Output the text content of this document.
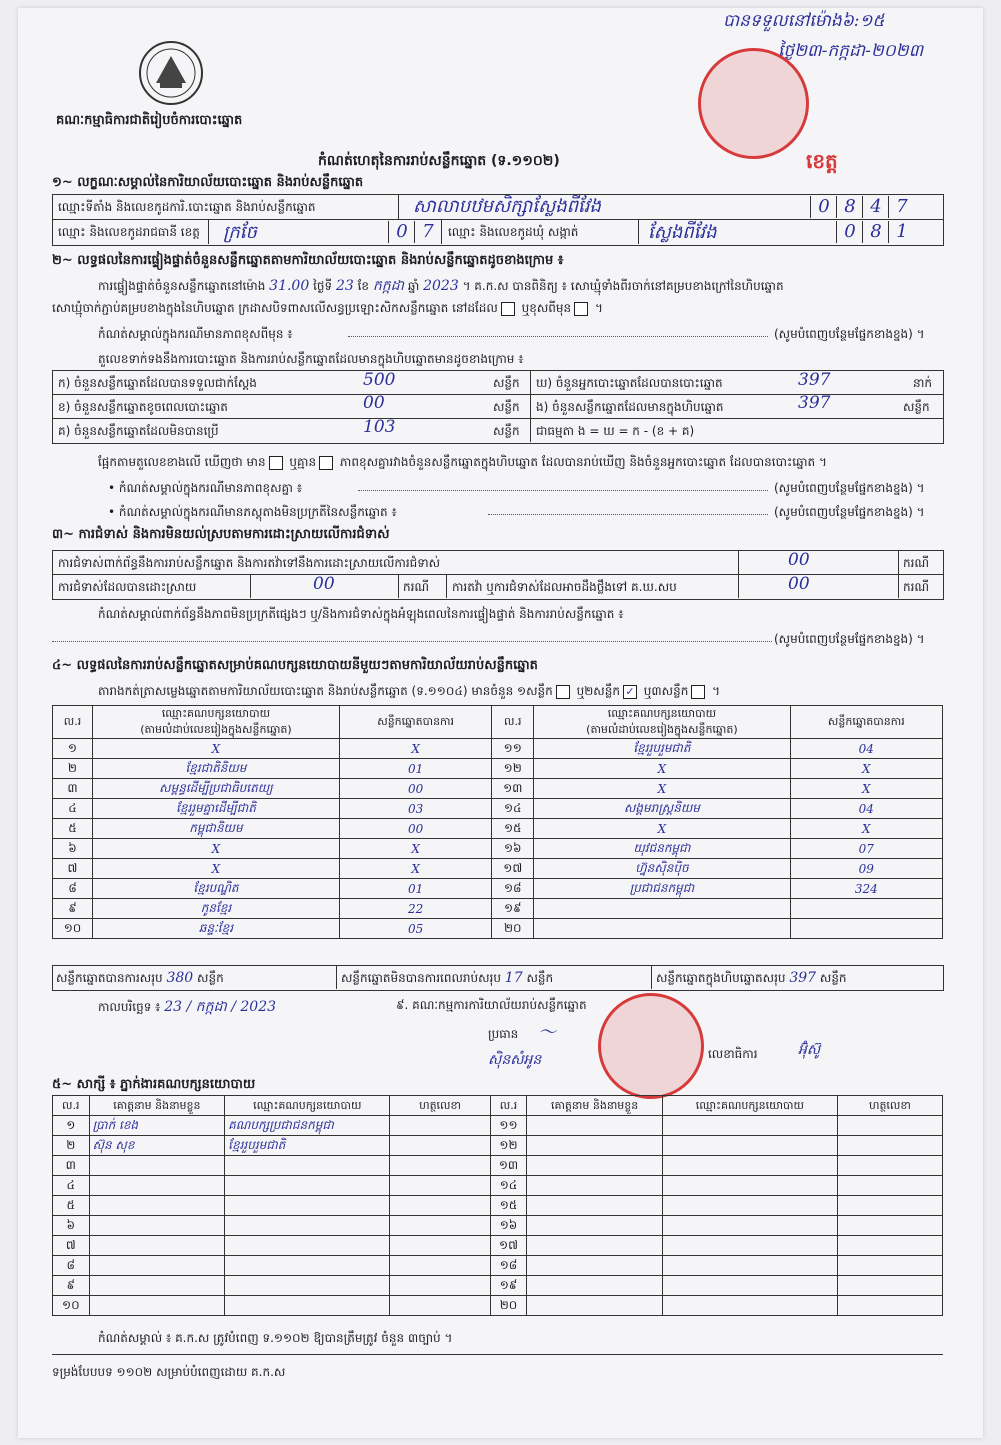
គណៈកម្មាធិការជាតិរៀបចំការបោះឆ្នោត
បានទទួលនៅម៉ោង៦:១៥
ថ្ងៃ២៣-កក្កដា-២០២៣
ខេត្ត
កំណត់ហេតុនៃការរាប់សន្លឹកឆ្នោត (ទ.១១០២)
១~ លក្ខណៈសម្គាល់នៃការិយាល័យបោះឆ្នោត និងរាប់សន្លឹកឆ្នោត
ឈ្មោះទីតាំង និងលេខកូដការិ.បោះឆ្នោត និងរាប់សន្លឹកឆ្នោត	សាលាបឋមសិក្សាស្លែងពីវែង	0 8 4 7
ឈ្មោះ និងលេខកូដរាជធានី ខេត្ត ក្រចែ	0 7	ឈ្មោះ និងលេខកូដឃុំ សង្កាត់	ស្លែងពីវែង	0 8 1
២~ លទ្ធផលនៃការផ្ទៀងផ្ទាត់ចំនួនសន្លឹកឆ្នោតតាមការិយាល័យបោះឆ្នោត និងរាប់សន្លឹកឆ្នោតដូចខាងក្រោម ៖
ការផ្ទៀងផ្ទាត់ចំនួនសន្លឹកឆ្នោតនៅម៉ោង 31.00 ថ្ងៃទី 23 ខែ កក្កដា ឆ្នាំ 2023 ។ គ.ក.ស បានពិនិត្យ ៖ សោឃ្មុំទាំងពីរចាក់នៅគម្របខាងក្រៅនៃហិបឆ្នោត
សោឃ្មុំចាក់ភ្ជាប់គម្របខាងក្នុងនៃហិបឆ្នោត ក្រដាសបិទពាសលើសន្ធប្រឡោះសិកសន្លឹកឆ្នោត នៅដដែល ឬខុសពីមុន ។
កំណត់សម្គាល់ក្នុងករណីមានភាពខុសពីមុន ៖	(សូមបំពេញបន្ថែមផ្នែកខាងខ្នង) ។
តួលេខទាក់ទងនឹងការបោះឆ្នោត និងការរាប់សន្លឹកឆ្នោតដែលមានក្នុងហិបឆ្នោតមានដូចខាងក្រោម ៖
ក) ចំនួនសន្លឹកឆ្នោតដែលបានទទួលជាក់ស្តែង	500	សន្លឹក
ខ) ចំនួនសន្លឹកឆ្នោតខូចពេលបោះឆ្នោត	00	សន្លឹក
គ) ចំនួនសន្លឹកឆ្នោតដែលមិនបានប្រើ	103	សន្លឹក
ឃ) ចំនួនអ្នកបោះឆ្នោតដែលបានបោះឆ្នោត	397	នាក់
ង) ចំនួនសន្លឹកឆ្នោតដែលមានក្នុងហិបឆ្នោត	397	សន្លឹក
ជាធម្មតា ង = ឃ = ក - (ខ + គ)
ផ្អែកតាមតួលេខខាងលើ ឃើញថា មាន ឬគ្មាន ភាពខុសគ្នារវាងចំនួនសន្លឹកឆ្នោតក្នុងហិបឆ្នោត ដែលបានរាប់ឃើញ និងចំនួនអ្នកបោះឆ្នោត ដែលបានបោះឆ្នោត ។
• កំណត់សម្គាល់ក្នុងករណីមានភាពខុសគ្នា ៖	(សូមបំពេញបន្ថែមផ្នែកខាងខ្នង) ។
• កំណត់សម្គាល់ក្នុងករណីមានភស្តុតាងមិនប្រក្រតីនៃសន្លឹកឆ្នោត ៖	(សូមបំពេញបន្ថែមផ្នែកខាងខ្នង) ។
៣~ ការជំទាស់ និងការមិនយល់ស្របតាមការដោះស្រាយលើការជំទាស់
ការជំទាស់ពាក់ព័ន្ធនឹងការរាប់សន្លឹកឆ្នោត និងការតវ៉ាទៅនឹងការដោះស្រាយលើការជំទាស់	00	ករណី
ការជំទាស់ដែលបានដោះស្រាយ	00	ករណី ការតវ៉ា ឬការជំទាស់ដែលអាចដឹងថ្លឹងទៅ គ.ឃ.សប	00	ករណី
កំណត់សម្គាល់ពាក់ព័ន្ធនឹងភាពមិនប្រក្រតីផ្សេងៗ ឬ/និងការជំទាស់ក្នុងអំឡុងពេលនៃការផ្ទៀងផ្ទាត់ និងការរាប់សន្លឹកឆ្នោត ៖
(សូមបំពេញបន្ថែមផ្នែកខាងខ្នង) ។
៤~ លទ្ធផលនៃការរាប់សន្លឹកឆ្នោតសម្រាប់គណបក្សនយោបាយនីមួយៗតាមការិយាល័យរាប់សន្លឹកឆ្នោត
តារាងកត់ត្រាសម្លេងឆ្នោតតាមការិយាល័យបោះឆ្នោត និងរាប់សន្លឹកឆ្នោត (ទ.១១០៤) មានចំនួន ១សន្លឹក ឬ២សន្លឹក ✓ ឬ៣សន្លឹក ។
ល.រ	ឈ្មោះគណបក្សនយោបាយ
(តាមលំដាប់លេខរៀងក្នុងសន្លឹកឆ្នោត)	សន្លឹកឆ្នោតបានការ	ល.រ	ឈ្មោះគណបក្សនយោបាយ
(តាមលំដាប់លេខរៀងក្នុងសន្លឹកឆ្នោត)	សន្លឹកឆ្នោតបានការ
១	X	X	១១	ខ្មែររួបរួមជាតិ	04
២	ខ្មែរជាតិនិយម	01	១២	X	X
៣	សម្ពន្ធដើម្បីប្រជាធិបតេយ្យ	00	១៣	X	X
៤	ខ្មែររួមគ្នាដើម្បីជាតិ	03	១៤	សង្គមរាស្ត្រនិយម	04
៥	កម្ពុជានិយម	00	១៥	X	X
៦	X	X	១៦	យុវជនកម្ពុជា	07
៧	X	X	១៧	ហ្វ៊ុនស៊ិនប៉ិច	09
៨	ខ្មែរបណ្ឌិត	01	១៨	ប្រជាជនកម្ពុជា	324
៩	កូនខ្មែរ	22	១៩		
១០	ឆន្ទៈខ្មែរ	05	២០		
សន្លឹកឆ្នោតបានការសរុប 380 សន្លឹក	សន្លឹកឆ្នោតមិនបានការពេលរាប់សរុប 17 សន្លឹក	សន្លឹកឆ្នោតក្នុងហិបឆ្នោតសរុប 397 សន្លឹក
កាលបរិច្ឆេទ ៖ 23 / កក្កដា / 2023	៩. គណៈកម្មការការិយាល័យរាប់សន្លឹកឆ្នោត
ប្រធាន 〜
ស៊ិនសំអូន	លេខាធិការ	អ៊ុំស៊ូ
៥~ សាក្សី ៖ ភ្នាក់ងារគណបក្សនយោបាយ
ល.រ	គោត្តនាម និងនាមខ្លួន	ឈ្មោះគណបក្សនយោបាយ	ហត្ថលេខា	ល.រ	គោត្តនាម និងនាមខ្លួន	ឈ្មោះគណបក្សនយោបាយ	ហត្ថលេខា
១	ប្រាក់ ខេង	គណបក្សប្រជាជនកម្ពុជា		១១			
២	ស៊ុន សុខ	ខ្មែររួបរួមជាតិ		១២			
៣				១៣			
៤				១៤			
៥				១៥			
៦				១៦			
៧				១៧			
៨				១៨			
៩				១៩			
១០				២០			
កំណត់សម្គាល់ ៖ គ.ក.ស ត្រូវបំពេញ ទ.១១០២ ឱ្យបានត្រឹមត្រូវ ចំនួន ៣ច្បាប់ ។
ទម្រង់បែបបទ ១១០២ សម្រាប់បំពេញដោយ គ.ក.ស
